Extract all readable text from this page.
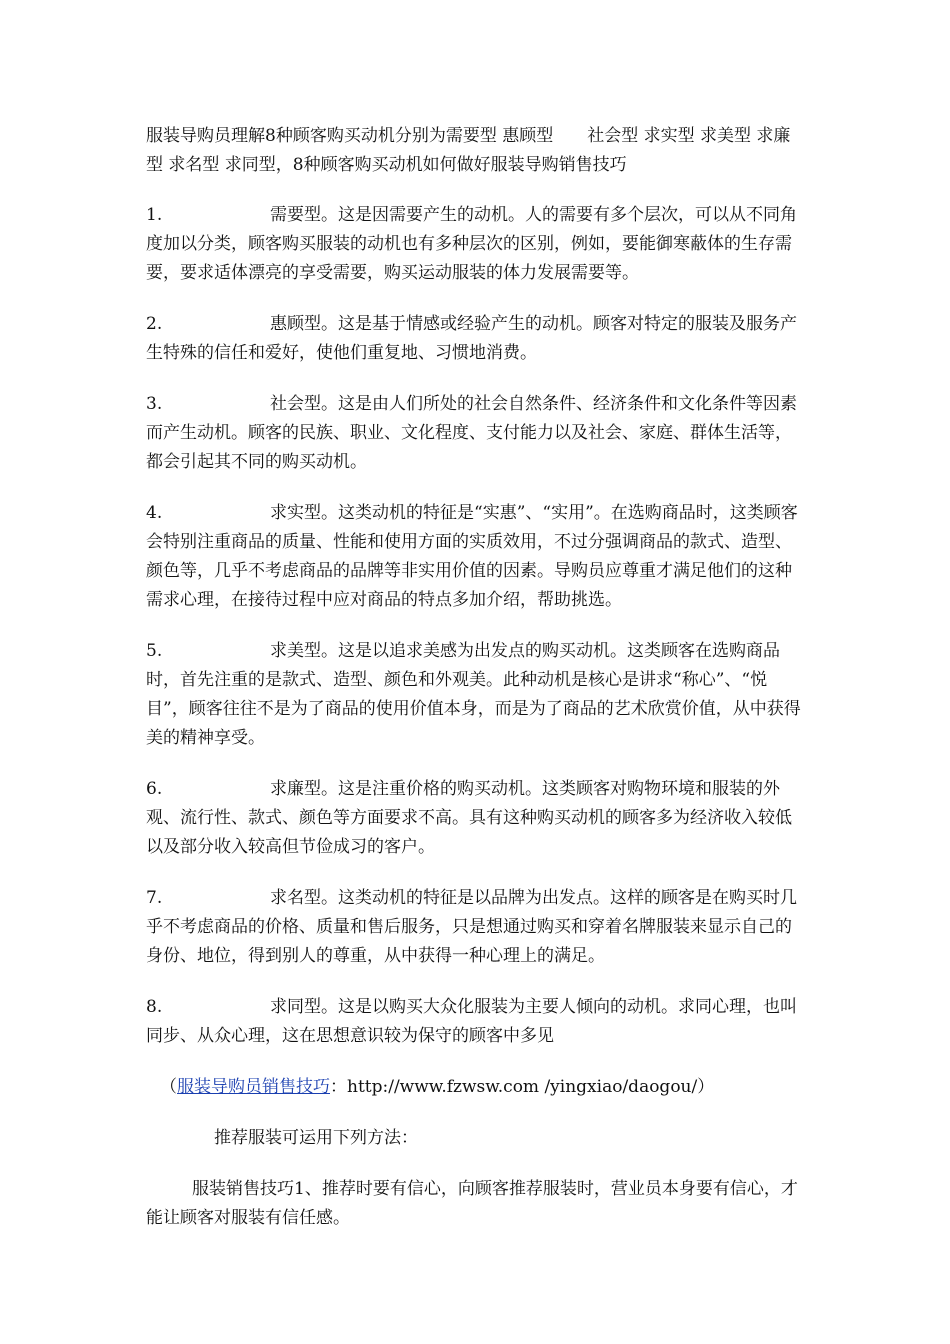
服装导购员理解8种顾客购买动机分别为需要型 惠顾型　　社会型 求实型 求美型 求廉型 求名型 求同型，8种顾客购买动机如何做好服装导购销售技巧

1.	需要型。这是因需要产生的动机。人的需要有多个层次，可以从不同角度加以分类，顾客购买服装的动机也有多种层次的区别，例如，要能御寒蔽体的生存需要，要求适体漂亮的享受需要，购买运动服装的体力发展需要等。

2.	惠顾型。这是基于情感或经验产生的动机。顾客对特定的服装及服务产生特殊的信任和爱好，使他们重复地、习惯地消费。

3.	社会型。这是由人们所处的社会自然条件、经济条件和文化条件等因素而产生动机。顾客的民族、职业、文化程度、支付能力以及社会、家庭、群体生活等，都会引起其不同的购买动机。

4.	求实型。这类动机的特征是“实惠”、“实用”。在选购商品时，这类顾客会特别注重商品的质量、性能和使用方面的实质效用，不过分强调商品的款式、造型、颜色等，几乎不考虑商品的品牌等非实用价值的因素。导购员应尊重才满足他们的这种需求心理，在接待过程中应对商品的特点多加介绍，帮助挑选。

5.	求美型。这是以追求美感为出发点的购买动机。这类顾客在选购商品时，首先注重的是款式、造型、颜色和外观美。此种动机是核心是讲求“称心”、“悦目”，顾客往往不是为了商品的使用价值本身，而是为了商品的艺术欣赏价值，从中获得美的精神享受。

6.	求廉型。这是注重价格的购买动机。这类顾客对购物环境和服装的外观、流行性、款式、颜色等方面要求不高。具有这种购买动机的顾客多为经济收入较低以及部分收入较高但节俭成习的客户。

7.	求名型。这类动机的特征是以品牌为出发点。这样的顾客是在购买时几乎不考虑商品的价格、质量和售后服务，只是想通过购买和穿着名牌服装来显示自己的身份、地位，得到别人的尊重，从中获得一种心理上的满足。

8.	求同型。这是以购买大众化服装为主要人倾向的动机。求同心理，也叫同步、从众心理，这在思想意识较为保守的顾客中多见

（服装导购员销售技巧：http://www.fzwsw.com /yingxiao/daogou/）

推荐服装可运用下列方法：

服装销售技巧1、推荐时要有信心，向顾客推荐服装时，营业员本身要有信心，才能让顾客对服装有信任感。
